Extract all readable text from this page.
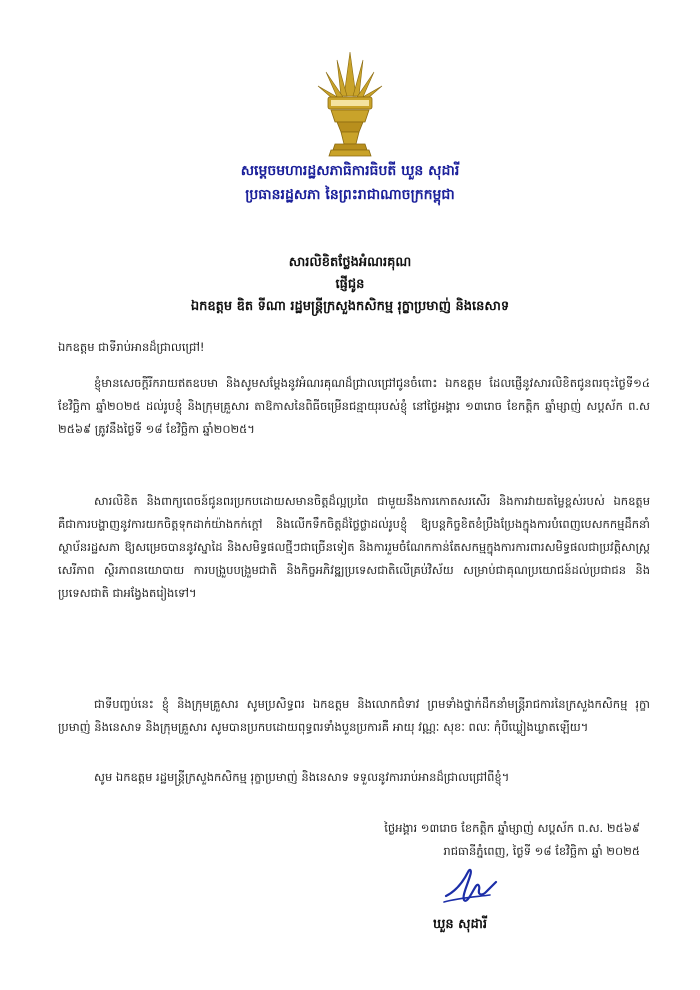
សម្តេចមហារដ្ឋសភាធិការធិបតី ឃួន សុដារី
ប្រធានរដ្ឋសភា នៃព្រះរាជាណាចក្រកម្ពុជា
សារលិខិតថ្លែងអំណរគុណ
ផ្ញើជូន
ឯកឧត្តម ឌិត ទីណា រដ្ឋមន្ត្រីក្រសួងកសិកម្ម រុក្ខាប្រមាញ់ និងនេសាទ
ឯកឧត្តម ជាទីរាប់អានដ៏ជ្រាលជ្រៅ!
ខ្ញុំមានសេចក្តីរីករាយឥតឧបមា និងសូមសម្តែងនូវអំណរគុណដ៏ជ្រាលជ្រៅជូនចំពោះ ឯកឧត្តម ដែលផ្ញើនូវសារលិខិតជូនពរចុះថ្ងៃទី១៤ ខែវិច្ឆិកា ឆ្នាំ២០២៥ ដល់រូបខ្ញុំ និងក្រុមគ្រួសារ តាឱកាសនៃពិធីចម្រើនជន្មាយុរបស់ខ្ញុំ នៅថ្ងៃអង្គារ ១៣រោច ខែកត្តិក ឆ្នាំម្សាញ់ សប្តស័ក ព.ស ២៥៦៩ ត្រូវនឹងថ្ងៃទី ១៨ ខែវិច្ឆិកា ឆ្នាំ២០២៥។
សារលិខិត និងពាក្យពេចន៍ជូនពរប្រកបដោយសមានចិត្តដ៏ល្អប្រពៃ ជាមួយនឹងការកោតសរសើរ និងការវាយតម្លៃខ្ពស់របស់ ឯកឧត្តម គឺជាការបង្ហាញនូវការយកចិត្តទុកដាក់យ៉ាងកក់ក្តៅ និងលើកទឹកចិត្តដ៏ថ្លៃថ្លាដល់រូបខ្ញុំ ឱ្យបន្តកិច្ចខិតខំប្រឹងប្រែងក្នុងការបំពេញបេសកកម្មដឹកនាំស្ថាប័នរដ្ឋសភា ឱ្យសម្រេចបាននូវស្នាដៃ និងសមិទ្ធផលថ្មីៗជាច្រើនទៀត និងការរួមចំណែកកាន់តែសកម្មក្នុងការការពារសមិទ្ធផលជាប្រវត្តិសាស្ត្រសេរីភាព ស្ថិរភាពនយោបាយ ការបង្រួបបង្រួមជាតិ និងកិច្ចអភិវឌ្ឍប្រទេសជាតិលើគ្រប់វិស័យ សម្រាប់ជាគុណប្រយោជន៍ដល់ប្រជាជន និងប្រទេសជាតិ ជាអង្វែងតរៀងទៅ។
ជាទីបញ្ចប់នេះ ខ្ញុំ និងក្រុមគ្រួសារ សូមប្រសិទ្ធពរ ឯកឧត្តម និងលោកជំទាវ ព្រមទាំងថ្នាក់ដឹកនាំមន្ត្រីរាជការនៃក្រសួងកសិកម្ម រុក្ខាប្រមាញ់ និងនេសាទ និងក្រុមគ្រួសារ សូមបានប្រកបដោយពុទ្ធពរទាំងបួនប្រការគឺ អាយុ វណ្ណៈ សុខៈ ពលៈ កុំបីឃ្លៀងឃ្លាតឡើយ។
សូម ឯកឧត្តម រដ្ឋមន្ត្រីក្រសួងកសិកម្ម រុក្ខាប្រមាញ់ និងនេសាទ ទទួលនូវការរាប់អានដ៏ជ្រាលជ្រៅពីខ្ញុំ។
ថ្ងៃអង្គារ ១៣រោច ខែកត្តិក ឆ្នាំម្សាញ់ សប្តស័ក ព.ស. ២៥៦៩
រាជធានីភ្នំពេញ, ថ្ងៃទី ១៨ ខែវិច្ឆិកា ឆ្នាំ ២០២៥
ឃួន សុដារី
